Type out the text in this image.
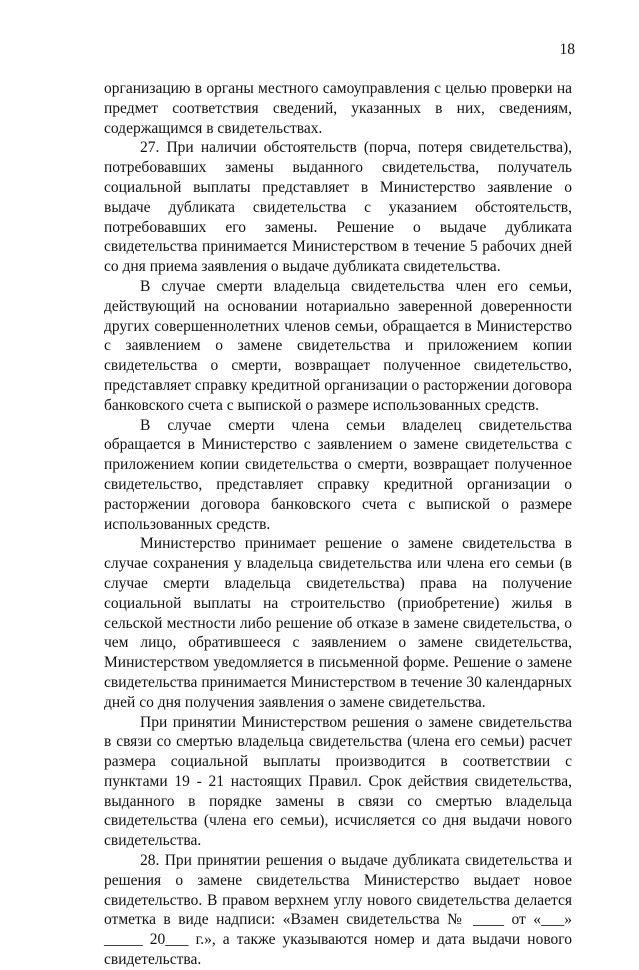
18

организацию в органы местного самоуправления с целью проверки на предмет соответствия сведений, указанных в них, сведениям, содержащимся в свидетельствах.

27. При наличии обстоятельств (порча, потеря свидетельства), потребовавших замены выданного свидетельства, получатель социальной выплаты представляет в Министерство заявление о выдаче дубликата свидетельства с указанием обстоятельств, потребовавших его замены. Решение о выдаче дубликата свидетельства принимается Министерством в течение 5 рабочих дней со дня приема заявления о выдаче дубликата свидетельства.

В случае смерти владельца свидетельства член его семьи, действующий на основании нотариально заверенной доверенности других совершеннолетних членов семьи, обращается в Министерство с заявлением о замене свидетельства и приложением копии свидетельства о смерти, возвращает полученное свидетельство, представляет справку кредитной организации о расторжении договора банковского счета с выпиской о размере использованных средств.

В случае смерти члена семьи владелец свидетельства обращается в Министерство с заявлением о замене свидетельства с приложением копии свидетельства о смерти, возвращает полученное свидетельство, представляет справку кредитной организации о расторжении договора банковского счета с выпиской о размере использованных средств.

Министерство принимает решение о замене свидетельства в случае сохранения у владельца свидетельства или члена его семьи (в случае смерти владельца свидетельства) права на получение социальной выплаты на строительство (приобретение) жилья в сельской местности либо решение об отказе в замене свидетельства, о чем лицо, обратившееся с заявлением о замене свидетельства, Министерством уведомляется в письменной форме. Решение о замене свидетельства принимается Министерством в течение 30 календарных дней со дня получения заявления о замене свидетельства.

При принятии Министерством решения о замене свидетельства в связи со смертью владельца свидетельства (члена его семьи) расчет размера социальной выплаты производится в соответствии с пунктами 19 - 21 настоящих Правил. Срок действия свидетельства, выданного в порядке замены в связи со смертью владельца свидетельства (члена его семьи), исчисляется со дня выдачи нового свидетельства.

28. При принятии решения о выдаче дубликата свидетельства и решения о замене свидетельства Министерство выдает новое свидетельство. В правом верхнем углу нового свидетельства делается отметка в виде надписи: «Взамен свидетельства № ____ от «___» _____ 20___ г.», а также указываются номер и дата выдачи нового свидетельства.
